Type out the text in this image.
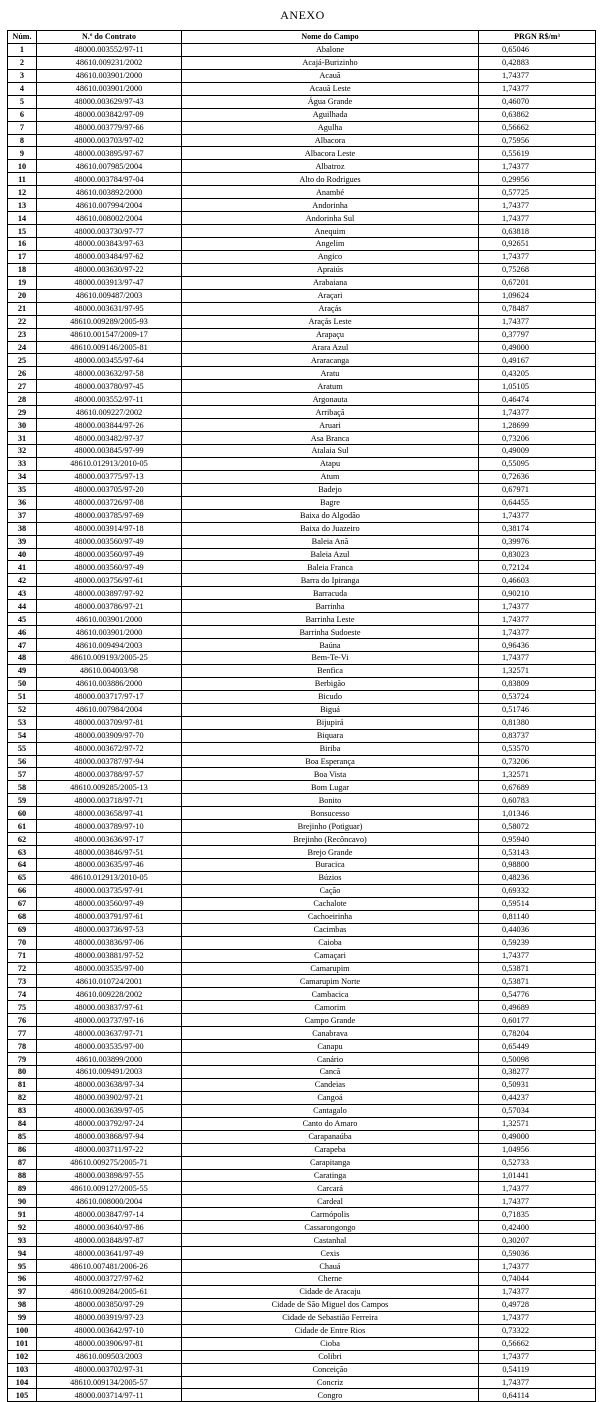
ANEXO
Núm.	N.º do Contrato	Nome do Campo	PRGN R$/m³
1	48000.003552/97-11	Abalone	0,65046
2	48610.009231/2002	Acajá-Burizinho	0,42883
3	48610.003901/2000	Acauã	1,74377
4	48610.003901/2000	Acauã Leste	1,74377
5	48000.003629/97-43	Água Grande	0,46070
6	48000.003842/97-09	Aguilhada	0,63862
7	48000.003779/97-66	Agulha	0,56662
8	48000.003703/97-02	Albacora	0,75956
9	48000.003895/97-67	Albacora Leste	0,55619
10	48610.007985/2004	Albatroz	1,74377
11	48000.003784/97-04	Alto do Rodrigues	0,29956
12	48610.003892/2000	Anambé	0,57725
13	48610.007994/2004	Andorinha	1,74377
14	48610.008002/2004	Andorinha Sul	1,74377
15	48000.003730/97-77	Anequim	0,63818
16	48000.003843/97-63	Angelim	0,92651
17	48000.003484/97-62	Angico	1,74377
18	48000.003630/97-22	Apraiús	0,75268
19	48000.003913/97-47	Arabaiana	0,67201
20	48610.009487/2003	Araçari	1,09624
21	48000.003631/97-95	Araçás	0,78487
22	48610.009289/2005-93	Araçás Leste	1,74377
23	48610.001547/2009-17	Arapaçu	0,37797
24	48610.009146/2005-81	Arara Azul	0,49000
25	48000.003455/97-64	Araracanga	0,49167
26	48000.003632/97-58	Aratu	0,43205
27	48000.003780/97-45	Aratum	1,05105
28	48000.003552/97-11	Argonauta	0,46474
29	48610.009227/2002	Arribaçã	1,74377
30	48000.003844/97-26	Aruari	1,28699
31	48000.003482/97-37	Asa Branca	0,73206
32	48000.003845/97-99	Atalaia Sul	0,49009
33	48610.012913/2010-05	Atapu	0,55095
34	48000.003775/97-13	Atum	0,72636
35	48000.003705/97-20	Badejo	0,67971
36	48000.003726/97-08	Bagre	0,64455
37	48000.003785/97-69	Baixa do Algodão	1,74377
38	48000.003914/97-18	Baixa do Juazeiro	0,38174
39	48000.003560/97-49	Baleia Anã	0,39976
40	48000.003560/97-49	Baleia Azul	0,83023
41	48000.003560/97-49	Baleia Franca	0,72124
42	48000.003756/97-61	Barra do Ipiranga	0,46603
43	48000.003897/97-92	Barracuda	0,90210
44	48000.003786/97-21	Barrinha	1,74377
45	48610.003901/2000	Barrinha Leste	1,74377
46	48610.003901/2000	Barrinha Sudoeste	1,74377
47	48610.009494/2003	Baúna	0,96436
48	48610.009193/2005-25	Bem-Te-Vi	1,74377
49	48610.004003/98	Benfica	1,32571
50	48610.003886/2000	Berbigão	0,83809
51	48000.003717/97-17	Bicudo	0,53724
52	48610.007984/2004	Biguá	0,51746
53	48000.003709/97-81	Bijupirá	0,81380
54	48000.003909/97-70	Biquara	0,83737
55	48000.003672/97-72	Biriba	0,53570
56	48000.003787/97-94	Boa Esperança	0,73206
57	48000.003788/97-57	Boa Vista	1,32571
58	48610.009285/2005-13	Bom Lugar	0,67689
59	48000.003718/97-71	Bonito	0,60783
60	48000.003658/97-41	Bonsucesso	1,01346
61	48000.003789/97-10	Brejinho (Potiguar)	0,58072
62	48000.003636/97-17	Brejinho (Recôncavo)	0,95940
63	48000.003846/97-51	Brejo Grande	0,53143
64	48000.003635/97-46	Buracica	0,98800
65	48610.012913/2010-05	Búzios	0,48236
66	48000.003735/97-91	Cação	0,69332
67	48000.003560/97-49	Cachalote	0,59514
68	48000.003791/97-61	Cachoeirinha	0,81140
69	48000.003736/97-53	Cacimbas	0,44036
70	48000.003836/97-06	Caioba	0,59239
71	48000.003881/97-52	Camaçari	1,74377
72	48000.003535/97-00	Camarupim	0,53871
73	48610.010724/2001	Camarupim Norte	0,53871
74	48610.009228/2002	Cambacica	0,54776
75	48000.003837/97-61	Camorim	0,49689
76	48000.003737/97-16	Campo Grande	0,60177
77	48000.003637/97-71	Canabrava	0,78204
78	48000.003535/97-00	Canapu	0,65449
79	48610.003899/2000	Canário	0,50098
80	48610.009491/2003	Cancã	0,38277
81	48000.003638/97-34	Candeias	0,50931
82	48000.003902/97-21	Cangoá	0,44237
83	48000.003639/97-05	Cantagalo	0,57034
84	48000.003792/97-24	Canto do Amaro	1,32571
85	48000.003868/97-94	Carapanaúba	0,49000
86	48000.003711/97-22	Carapeba	1,04956
87	48610.009275/2005-71	Carapitanga	0,52733
88	48000.003898/97-55	Caratinga	1,01441
89	48610.009127/2005-55	Carcará	1,74377
90	48610.008000/2004	Cardeal	1,74377
91	48000.003847/97-14	Carmópolis	0,71835
92	48000.003640/97-86	Cassarongongo	0,42400
93	48000.003848/97-87	Castanhal	0,30207
94	48000.003641/97-49	Cexis	0,59036
95	48610.007481/2006-26	Chauá	1,74377
96	48000.003727/97-62	Cherne	0,74044
97	48610.009284/2005-61	Cidade de Aracaju	1,74377
98	48000.003850/97-29	Cidade de São Miguel dos Campos	0,49728
99	48000.003919/97-23	Cidade de Sebastião Ferreira	1,74377
100	48000.003642/97-10	Cidade de Entre Rios	0,73322
101	48000.003906/97-81	Cioba	0,56662
102	48610.009503/2003	Colibri	1,74377
103	48000.003702/97-31	Conceição	0,54119
104	48610.009134/2005-57	Concriz	1,74377
105	48000.003714/97-11	Congro	0,64114
